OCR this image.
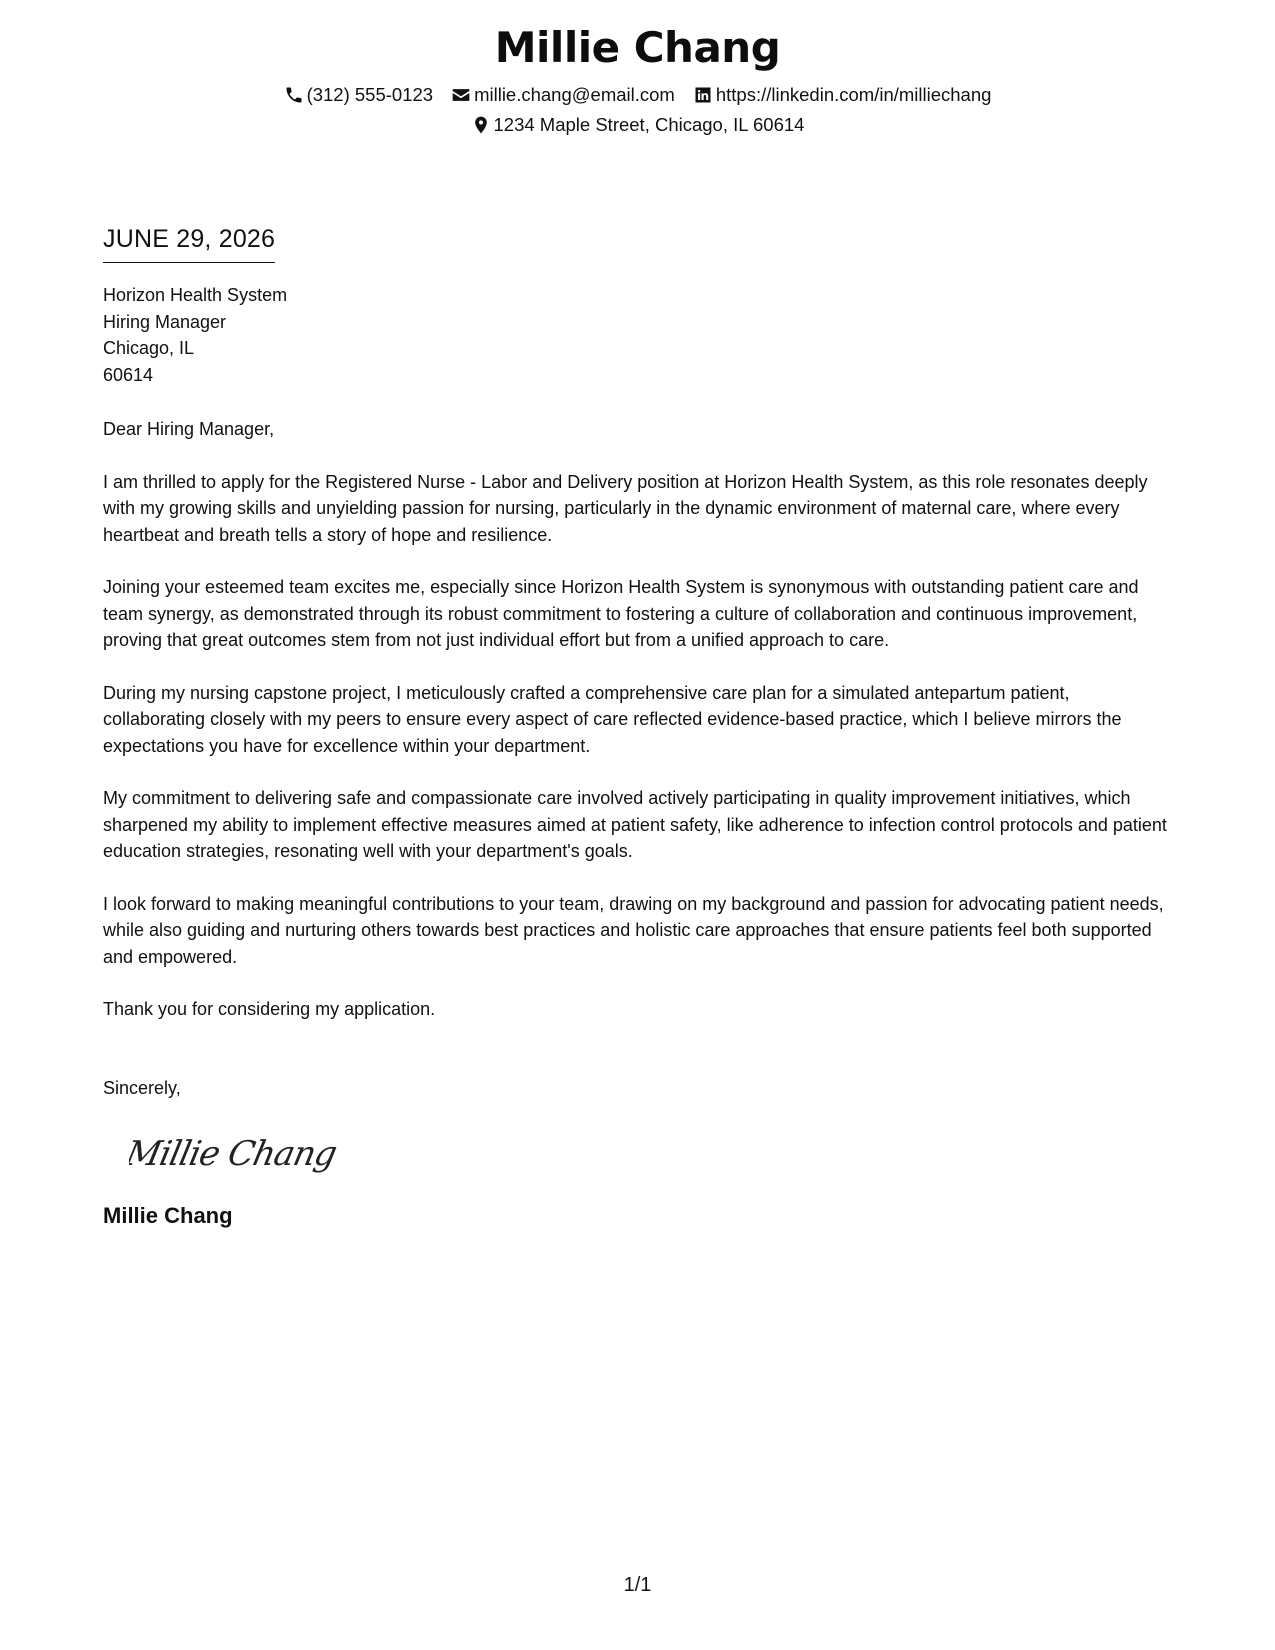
Millie Chang
(312) 555-0123 millie.chang@email.com https://linkedin.com/in/milliechang
1234 Maple Street, Chicago, IL 60614
JUNE 29, 2026
Horizon Health System
Hiring Manager
Chicago, IL
60614
Dear Hiring Manager,
I am thrilled to apply for the Registered Nurse - Labor and Delivery position at Horizon Health System, as this role resonates deeply with my growing skills and unyielding passion for nursing, particularly in the dynamic environment of maternal care, where every heartbeat and breath tells a story of hope and resilience.
Joining your esteemed team excites me, especially since Horizon Health System is synonymous with outstanding patient care and team synergy, as demonstrated through its robust commitment to fostering a culture of collaboration and continuous improvement, proving that great outcomes stem from not just individual effort but from a unified approach to care.
During my nursing capstone project, I meticulously crafted a comprehensive care plan for a simulated antepartum patient, collaborating closely with my peers to ensure every aspect of care reflected evidence-based practice, which I believe mirrors the expectations you have for excellence within your department.
My commitment to delivering safe and compassionate care involved actively participating in quality improvement initiatives, which sharpened my ability to implement effective measures aimed at patient safety, like adherence to infection control protocols and patient education strategies, resonating well with your department's goals.
I look forward to making meaningful contributions to your team, drawing on my background and passion for advocating patient needs, while also guiding and nurturing others towards best practices and holistic care approaches that ensure patients feel both supported and empowered.
Thank you for considering my application.
Sincerely,
Millie Chang
Millie Chang
1/1
